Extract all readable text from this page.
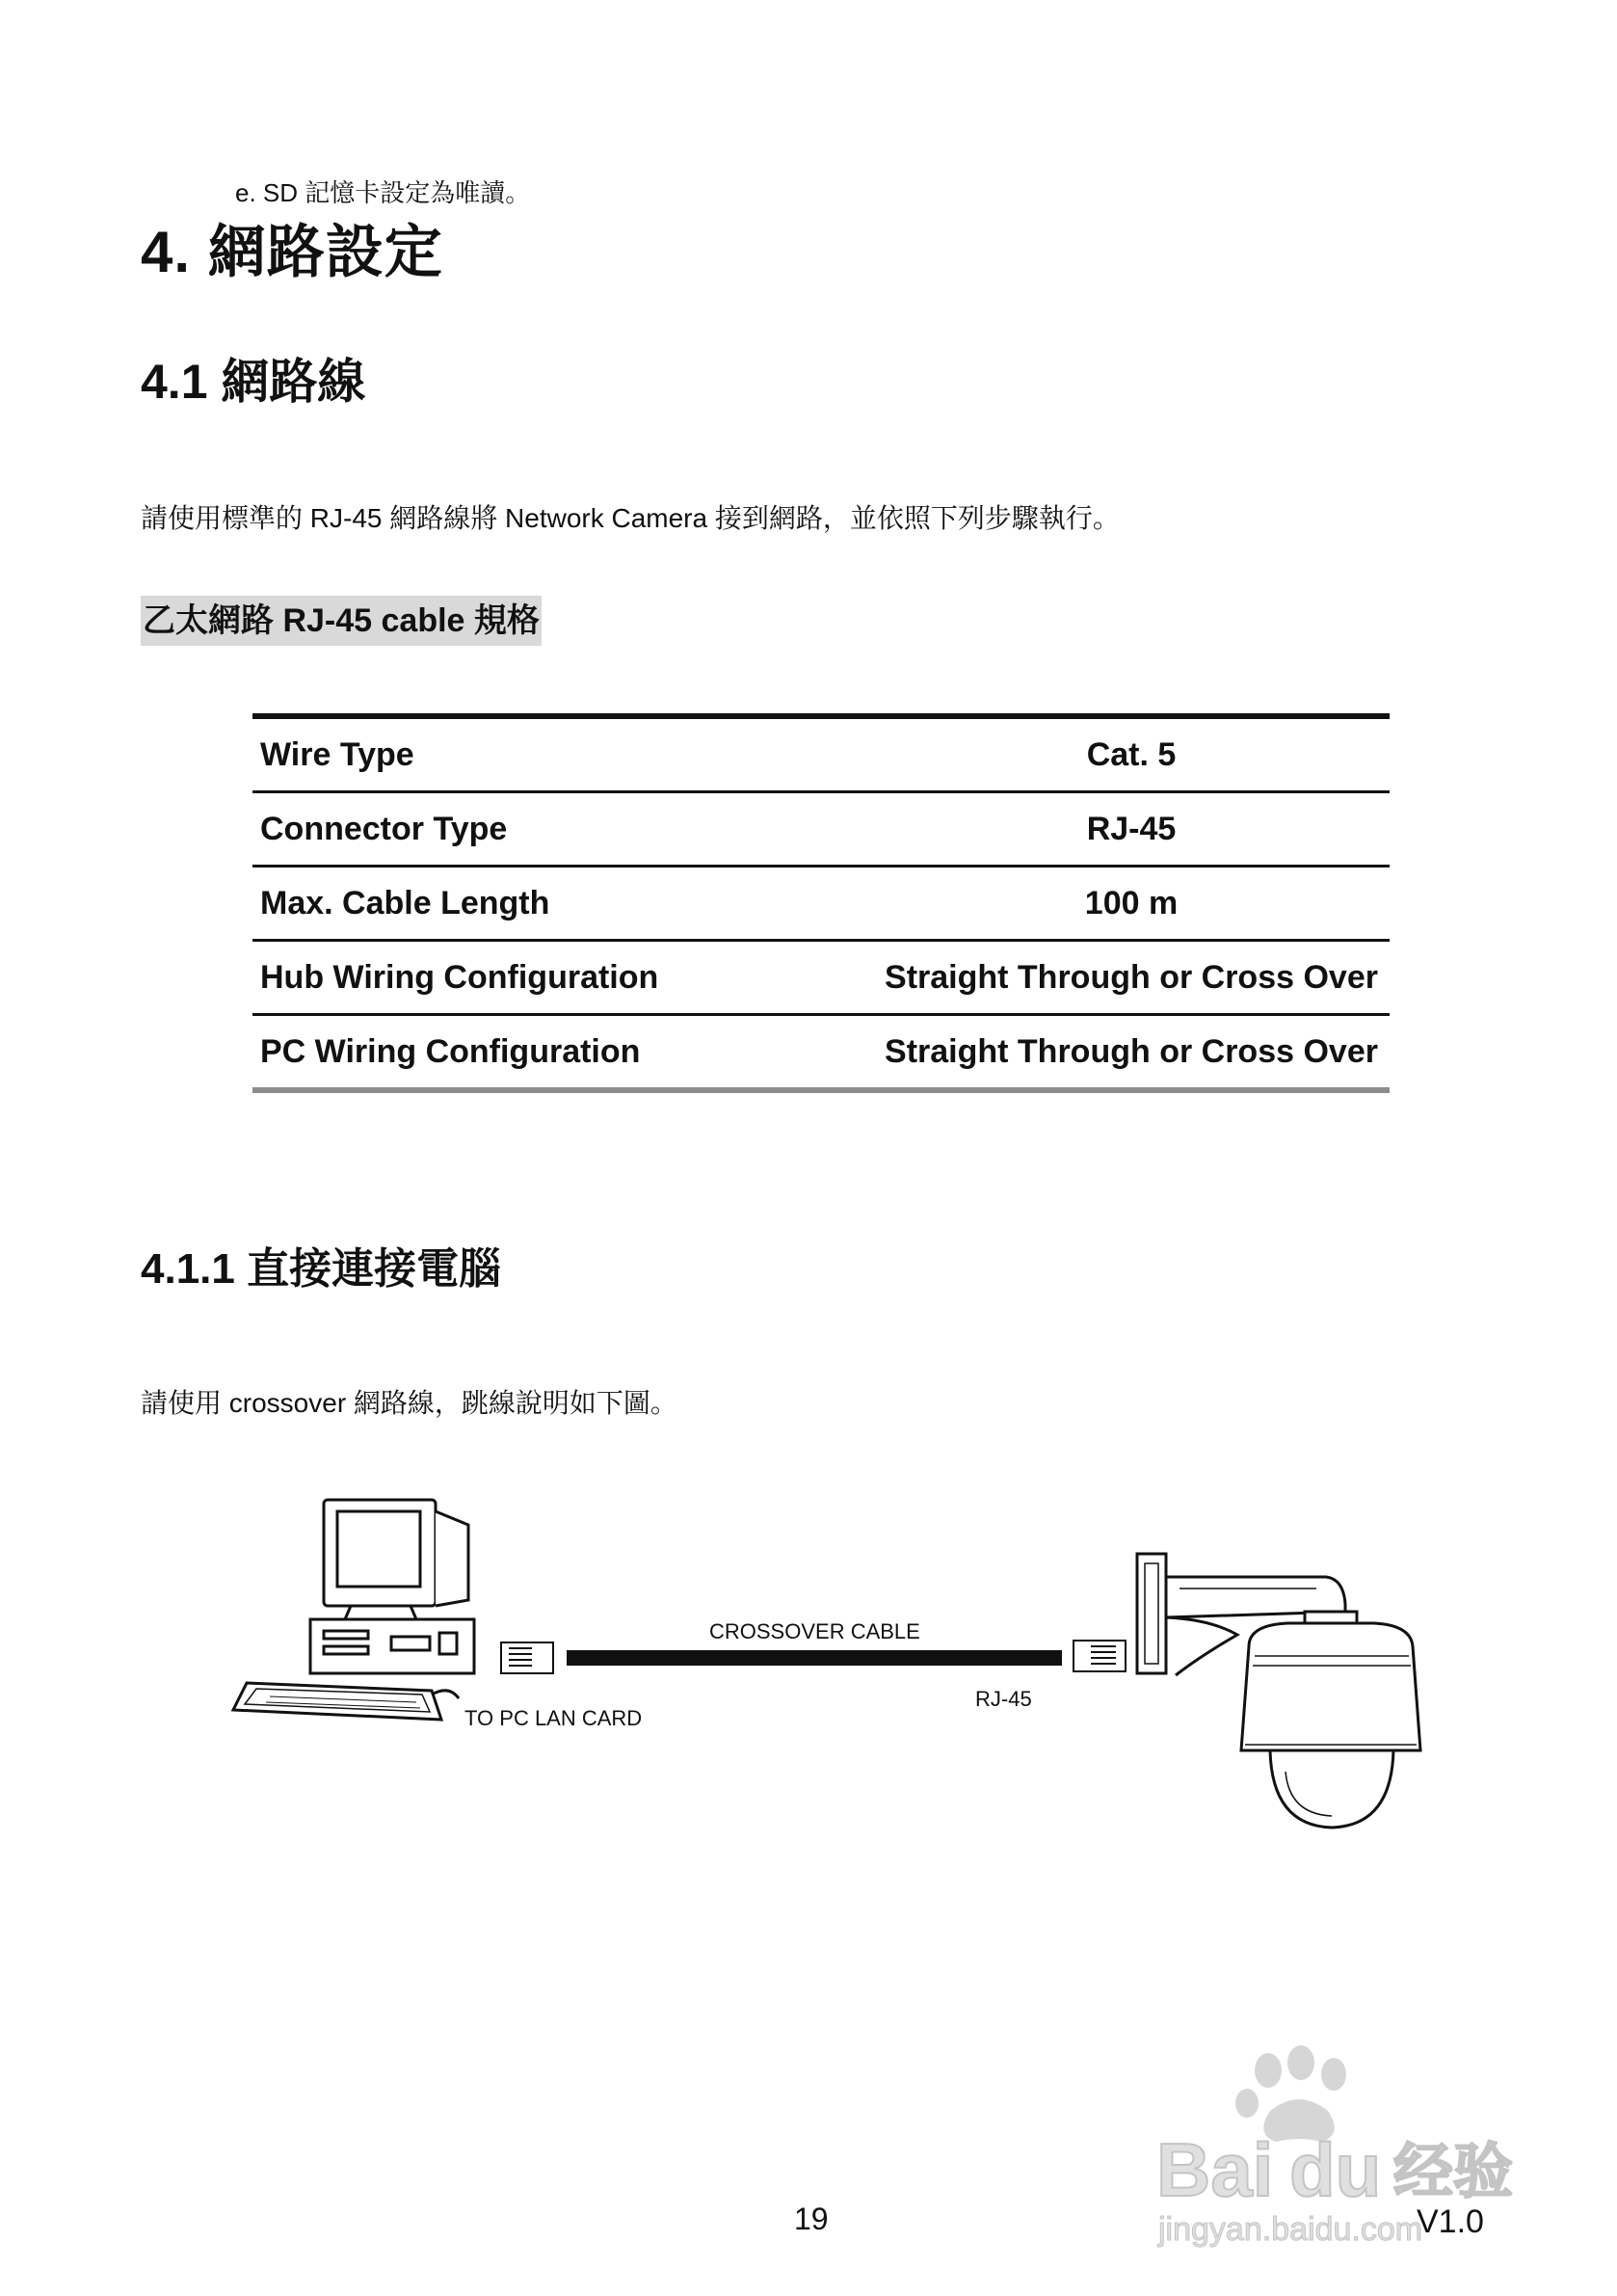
e. SD 記憶卡設定為唯讀。
4. 網路設定
4.1 網路線
請使用標準的 RJ-45 網路線將 Network Camera 接到網路，並依照下列步驟執行。
乙太網路 RJ-45 cable 規格
Wire Type	Cat. 5
Connector Type	RJ-45
Max. Cable Length	100 m
Hub Wiring Configuration	Straight Through or Cross Over
PC Wiring Configuration	Straight Through or Cross Over
4.1.1 直接連接電腦
請使用 crossover 網路線，跳線說明如下圖。
CROSSOVER CABLE
TO PC LAN CARD
RJ-45
Bai du 经验
jingyan.baidu.com
19	V1.0
